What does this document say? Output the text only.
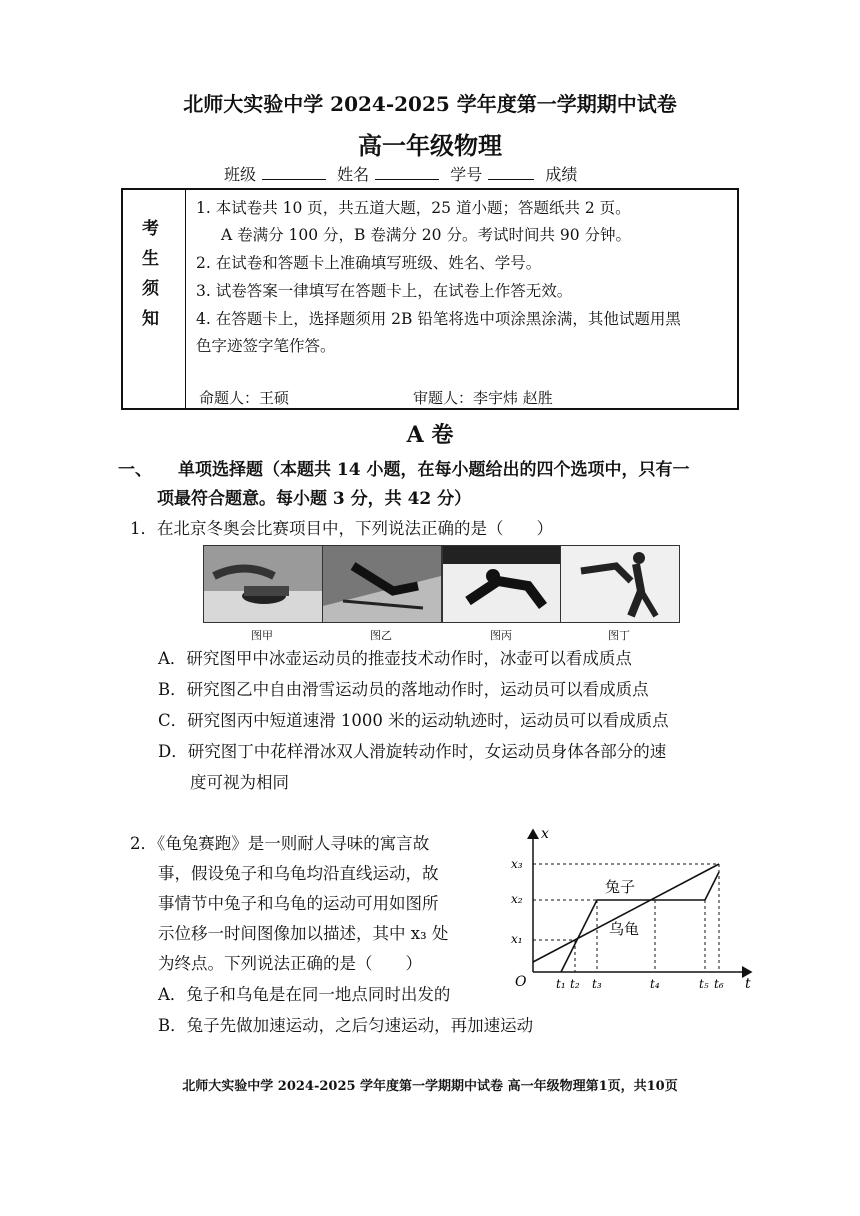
北师大实验中学 2024-2025 学年度第一学期期中试卷
高一年级物理
班级	姓名	学号	成绩
考
生
须
知
1. 本试卷共 10 页，共五道大题，25 道小题；答题纸共 2 页。
A 卷满分 100 分，B 卷满分 20 分。考试时间共 90 分钟。
2. 在试卷和答题卡上准确填写班级、姓名、学号。
3. 试卷答案一律填写在答题卡上，在试卷上作答无效。
4. 在答题卡上，选择题须用 2B 铅笔将选中项涂黑涂满，其他试题用黑
色字迹签字笔作答。
命题人：王硕	审题人：李宇炜 赵胜
A 卷
一、 单项选择题（本题共 14 小题，在每小题给出的四个选项中，只有一
项最符合题意。每小题 3 分，共 42 分）
1．在北京冬奥会比赛项目中，下列说法正确的是（　　）
图甲	图乙	图丙	图丁
A．研究图甲中冰壶运动员的推壶技术动作时，冰壶可以看成质点
B．研究图乙中自由滑雪运动员的落地动作时，运动员可以看成质点
C．研究图丙中短道速滑 1000 米的运动轨迹时，运动员可以看成质点
D．研究图丁中花样滑冰双人滑旋转动作时，女运动员身体各部分的速
度可视为相同
2．《龟兔赛跑》是一则耐人寻味的寓言故
事，假设兔子和乌龟均沿直线运动，故
事情节中兔子和乌龟的运动可用如图所
示位移一时间图像加以描述，其中 x₃ 处
为终点。下列说法正确的是（　　）
A．兔子和乌龟是在同一地点同时出发的
B．兔子先做加速运动，之后匀速运动，再加速运动
x
t
O
x₃
x₂
x₁
兔子
乌龟
t₁ t₂ t₃	t₄	t₅ t₆
北师大实验中学 2024-2025 学年度第一学期期中试卷 高一年级物理第1页，共10页
